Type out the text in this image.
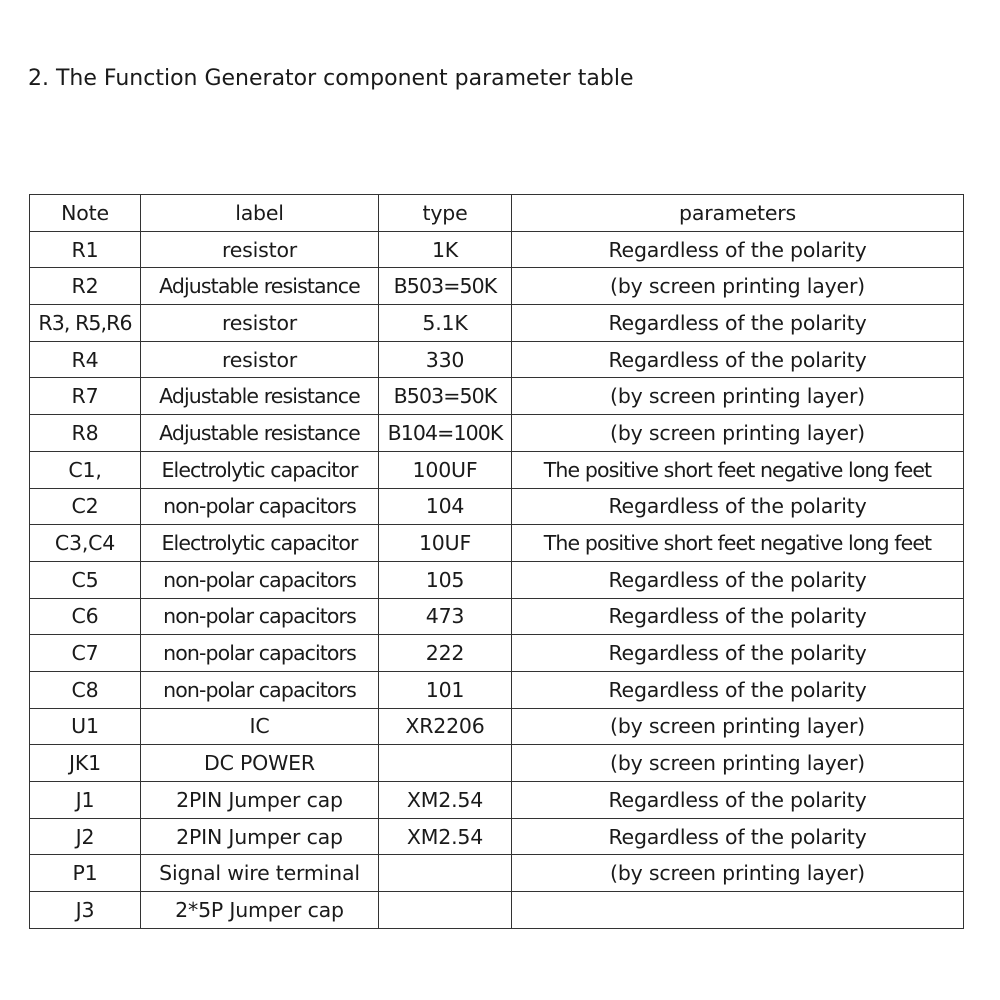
2. The Function Generator component parameter table
Note	label	type	parameters
R1	resistor	1K	Regardless of the polarity
R2	Adjustable resistance	B503=50K	(by screen printing layer)
R3, R5,R6	resistor	5.1K	Regardless of the polarity
R4	resistor	330	Regardless of the polarity
R7	Adjustable resistance	B503=50K	(by screen printing layer)
R8	Adjustable resistance	B104=100K	(by screen printing layer)
C1,	Electrolytic capacitor	100UF	The positive short feet negative long feet
C2	non-polar capacitors	104	Regardless of the polarity
C3,C4	Electrolytic capacitor	10UF	The positive short feet negative long feet
C5	non-polar capacitors	105	Regardless of the polarity
C6	non-polar capacitors	473	Regardless of the polarity
C7	non-polar capacitors	222	Regardless of the polarity
C8	non-polar capacitors	101	Regardless of the polarity
U1	IC	XR2206	(by screen printing layer)
JK1	DC POWER		(by screen printing layer)
J1	2PIN Jumper cap	XM2.54	Regardless of the polarity
J2	2PIN Jumper cap	XM2.54	Regardless of the polarity
P1	Signal wire terminal		(by screen printing layer)
J3	2*5P Jumper cap		
